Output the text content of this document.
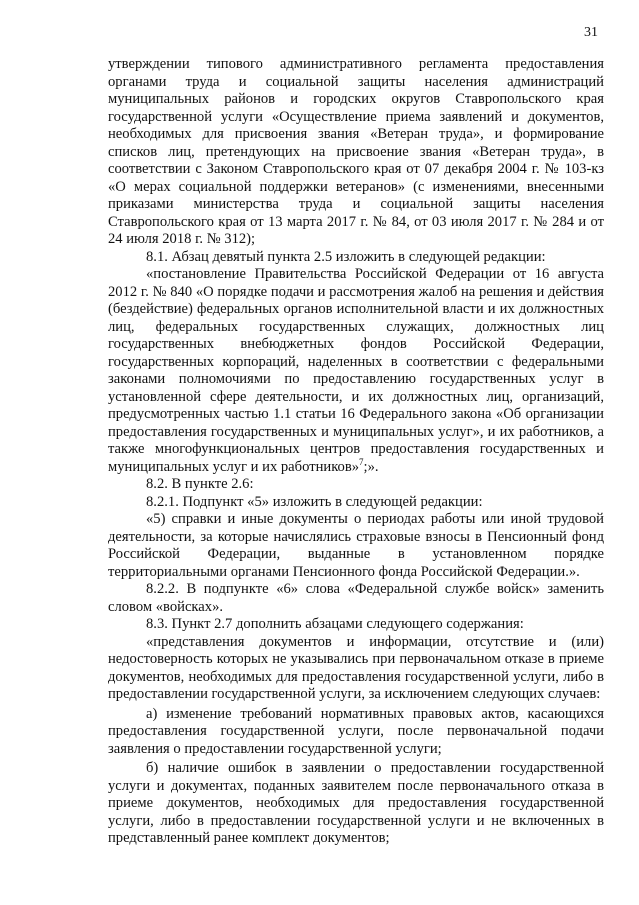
31

утверждении типового административного регламента предоставления органами труда и социальной защиты населения администраций муниципальных районов и городских округов Ставропольского края государственной услуги «Осуществление приема заявлений и документов, необходимых для присвоения звания «Ветеран труда», и формирование списков лиц, претендующих на присвоение звания «Ветеран труда», в соответствии с Законом Ставропольского края от 07 декабря 2004 г. № 103-кз «О мерах социальной поддержки ветеранов» (с изменениями, внесенными приказами министерства труда и социальной защиты населения Ставропольского края от 13 марта 2017 г. № 84, от 03 июля 2017 г. № 284 и от 24 июля 2018 г. № 312);

8.1. Абзац девятый пункта 2.5 изложить в следующей редакции:

«постановление Правительства Российской Федерации от 16 августа 2012 г. № 840 «О порядке подачи и рассмотрения жалоб на решения и действия (бездействие) федеральных органов исполнительной власти и их должностных лиц, федеральных государственных служащих, должностных лиц государственных внебюджетных фондов Российской Федерации, государственных корпораций, наделенных в соответствии с федеральными законами полномочиями по предоставлению государственных услуг в установленной сфере деятельности, и их должностных лиц, организаций, предусмотренных частью 1.1 статьи 16 Федерального закона «Об организации предоставления государственных и муниципальных услуг», и их работников, а также многофункциональных центров предоставления государственных и муниципальных услуг и их работников»$^7$;».

8.2. В пункте 2.6:

8.2.1. Подпункт «5» изложить в следующей редакции:

«5) справки и иные документы о периодах работы или иной трудовой деятельности, за которые начислялись страховые взносы в Пенсионный фонд Российской Федерации, выданные в установленном порядке территориальными органами Пенсионного фонда Российской Федерации.».

8.2.2. В подпункте «6» слова «Федеральной службе войск» заменить словом «войсках».

8.3. Пункт 2.7 дополнить абзацами следующего содержания:

«представления документов и информации, отсутствие и (или) недостоверность которых не указывались при первоначальном отказе в приеме документов, необходимых для предоставления государственной услуги, либо в предоставлении государственной услуги, за исключением следующих случаев:

а) изменение требований нормативных правовых актов, касающихся предоставления государственной услуги, после первоначальной подачи заявления о предоставлении государственной услуги;

б) наличие ошибок в заявлении о предоставлении государственной услуги и документах, поданных заявителем после первоначального отказа в приеме документов, необходимых для предоставления государственной услуги, либо в предоставлении государственной услуги и не включенных в представленный ранее комплект документов;
